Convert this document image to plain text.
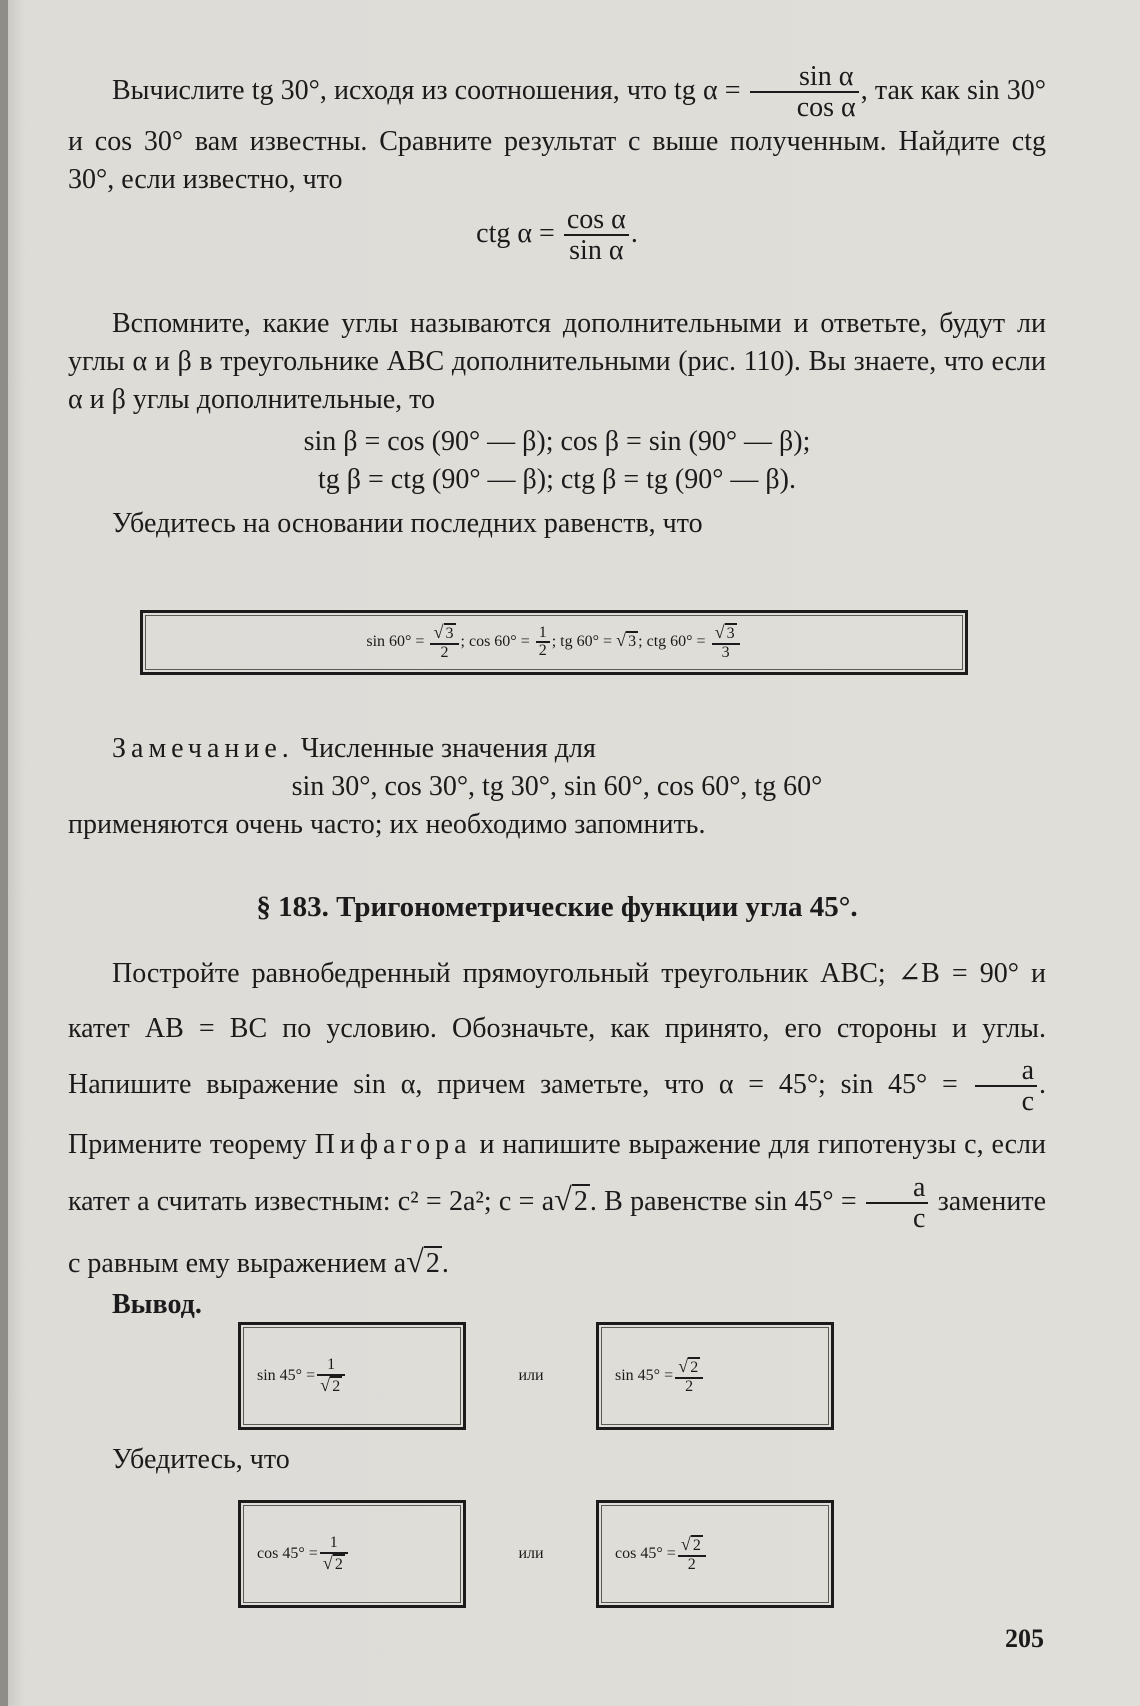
Вычислите tg 30°, исходя из соотношения, что tg $\alpha = \frac{\text{sin α}}{\text{cos α}}$ , так как sin 30° и cos 30° вам известны. Сравните результат с выше полученным. Найдите ctg 30°, если известно, что

ctg $\alpha = \frac{\text{cos α}}{\text{sin α}}$ .

Вспомните, какие углы называются дополнительными и ответьте, будут ли углы α и β в треугольнике ABC дополнительными (рис. 110). Вы знаете, что если α и β углы дополнительные, то

sin β = cos (90° — β); cos β = sin (90° — β);

tg β = ctg (90° — β); ctg β = tg (90° — β).

Убедитесь на основании последних равенств, что

$\sin 60^\circ = \frac{√ 3}{2}$ ; $\cos 60^\circ = \frac{1}{2}$ ; tg 60° = √ 3 ; ctg $60^\circ = \frac{√ 3}{3}$

Замечание. Численные значения для

sin 30°, cos 30°, tg 30°, sin 60°, cos 60°, tg 60°

применяются очень часто; их необходимо запомнить.

§ 183. Тригонометрические функции угла 45°.

Постройте равнобедренный прямоугольный треугольник ABC; ∠B = 90° и катет AB = BC по условию. Обозначьте, как принято, его стороны и углы. Напишите выражение sin α, причем заметьте, что α = 45°; $\sin 45^\circ = \frac{a}{c}$ . Примените теорему Пифагора и напишите выражение для гипотенузы c, если катет a считать известным: c² = 2a²; c = a√2. В равенстве $\sin 45^\circ = \frac{a}{c}$ замените c равным ему выражением a√2.

Вывод.
$\sin 45^\circ = \frac{1}{√ 2}$	или	$\sin 45^\circ = \frac{√ 2}{2}$
Убедитесь, что
$\cos 45^\circ = \frac{1}{√ 2}$	или	$\cos 45^\circ = \frac{√ 2}{2}$
205
